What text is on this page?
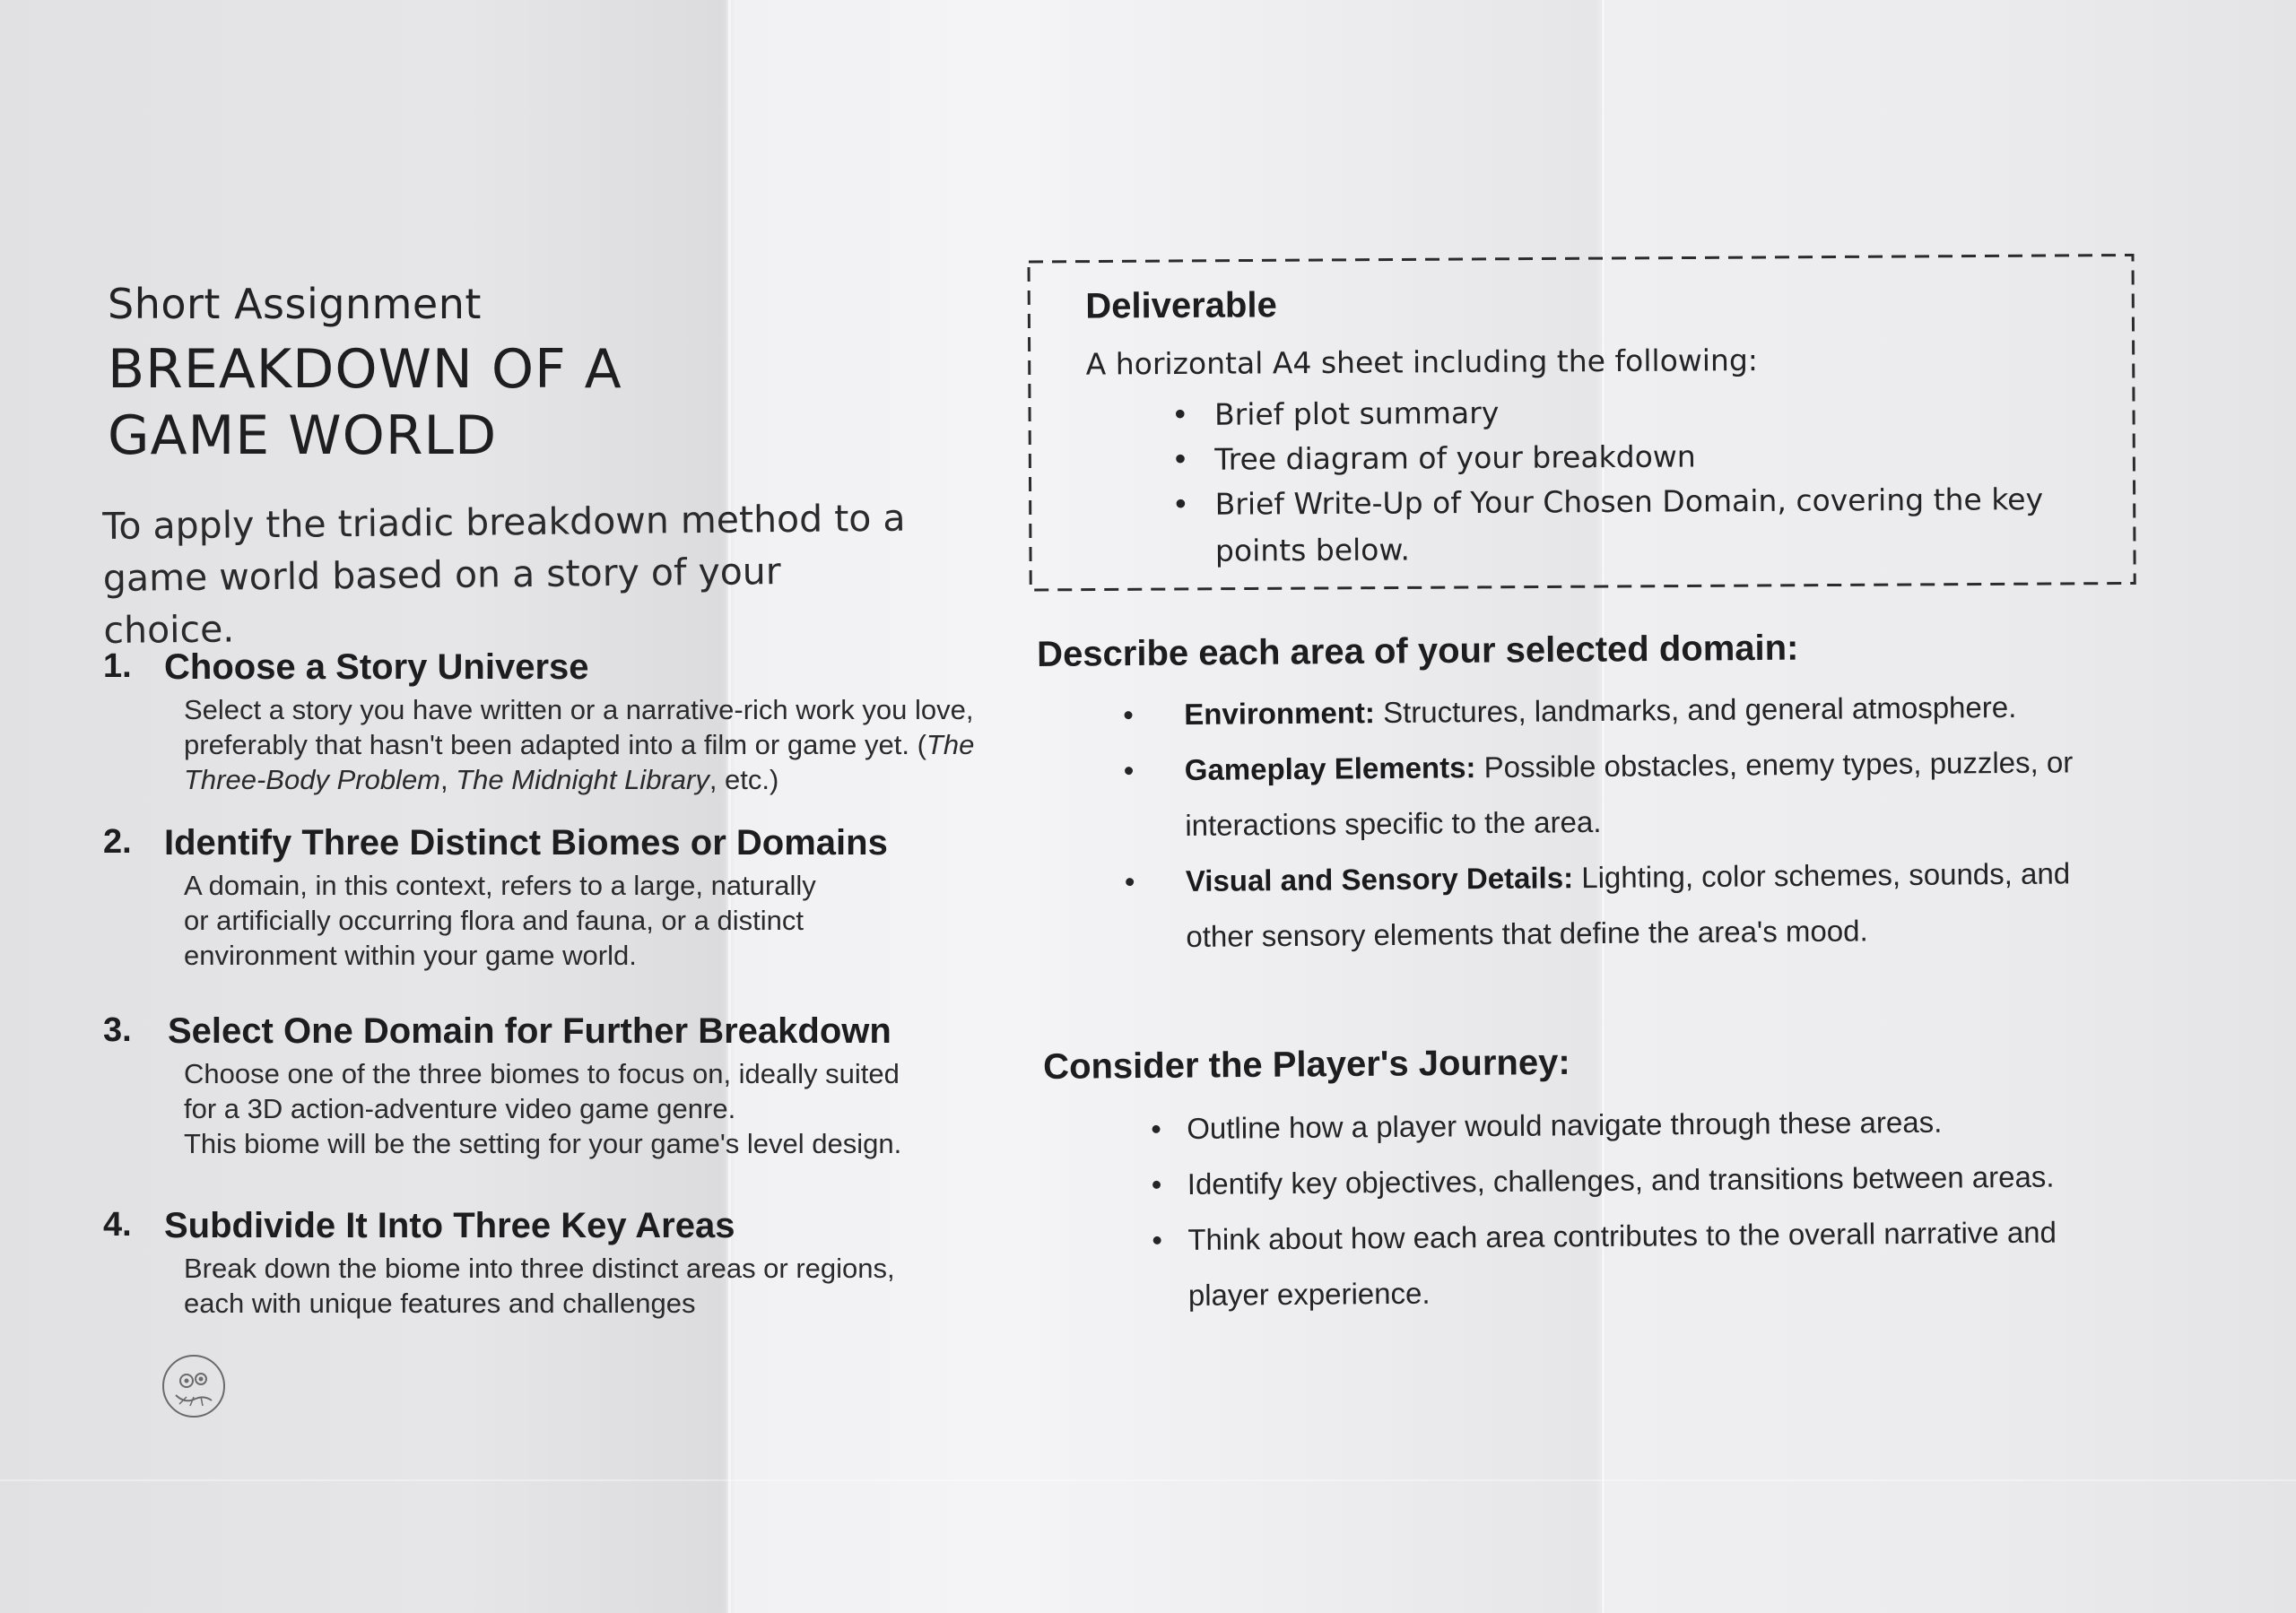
Short Assignment
BREAKDOWN OF A
GAME WORLD
To apply the triadic breakdown method to a game world based on a story of your choice.
1. Choose a Story Universe
Select a story you have written or a narrative-rich work you love, preferably that hasn't been adapted into a film or game yet. (The Three-Body Problem, The Midnight Library, etc.)
2. Identify Three Distinct Biomes or Domains
A domain, in this context, refers to a large, naturally or artificially occurring flora and fauna, or a distinct environment within your game world.
3. Select One Domain for Further Breakdown
Choose one of the three biomes to focus on, ideally suited for a 3D action-adventure video game genre.
This biome will be the setting for your game's level design.
4. Subdivide It Into Three Key Areas
Break down the biome into three distinct areas or regions, each with unique features and challenges
Deliverable
A horizontal A4 sheet including the following:
• Brief plot summary
• Tree diagram of your breakdown
• Brief Write-Up of Your Chosen Domain, covering the key points below.
Describe each area of your selected domain:
• Environment: Structures, landmarks, and general atmosphere.
• Gameplay Elements: Possible obstacles, enemy types, puzzles, or interactions specific to the area.
• Visual and Sensory Details: Lighting, color schemes, sounds, and other sensory elements that define the area's mood.
Consider the Player's Journey:
• Outline how a player would navigate through these areas.
• Identify key objectives, challenges, and transitions between areas.
• Think about how each area contributes to the overall narrative and player experience.
